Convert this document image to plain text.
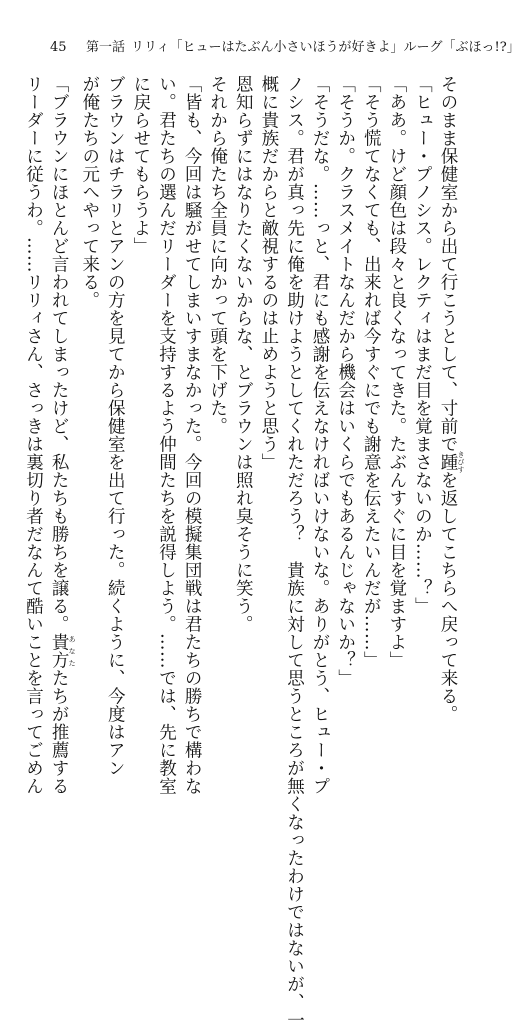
45 第一話 リリィ「ヒューはたぶん小さいほうが好きよ」ルーグ「ぶほっ!?」
そのまま保健室から出て行こうとして、寸前で踵 きびすを返してこちらへ戻って来る。
「ヒュー・プノシス。レクティはまだ目を覚まさないのか……？」
「ああ。けど顔色は段々と良くなってきた。たぶんすぐに目を覚ますよ」
「そう慌てなくても、出来れば今すぐにでも謝意を伝えたいんだが……」
「そうか。クラスメイトなんだから機会はいくらでもあるんじゃないか？」
「そうだな。……っと、君にも感謝を伝えなければいけないな。ありがとう、ヒュー・プ
ノシス。君が真っ先に俺を助けようとしてくれただろう？　貴族に対して思うところが無くなったわけではないが、一
概に貴族だからと敵視するのは止めようと思う」
恩知らずにはなりたくないからな、とブラウンは照れ臭そうに笑う。
それから俺たち全員に向かって頭を下げた。
「皆も、今回は騒がせてしまいすまなかった。今回の模擬集団戦は君たちの勝ちで構わな
い。君たちの選んだリーダーを支持するよう仲間たちを説得しよう。……では、先に教室
に戻らせてもらうよ」
ブラウンはチラリとアンの方を見てから保健室を出て行った。続くように、今度はアン
が俺たちの元へやって来る。
「ブラウンにほとんど言われてしまったけど、私たちも勝ちを譲る。貴方 あなたたちが推薦する
リーダーに従うわ。……リリィさん、さっきは裏切り者だなんて酷いことを言ってごめん
